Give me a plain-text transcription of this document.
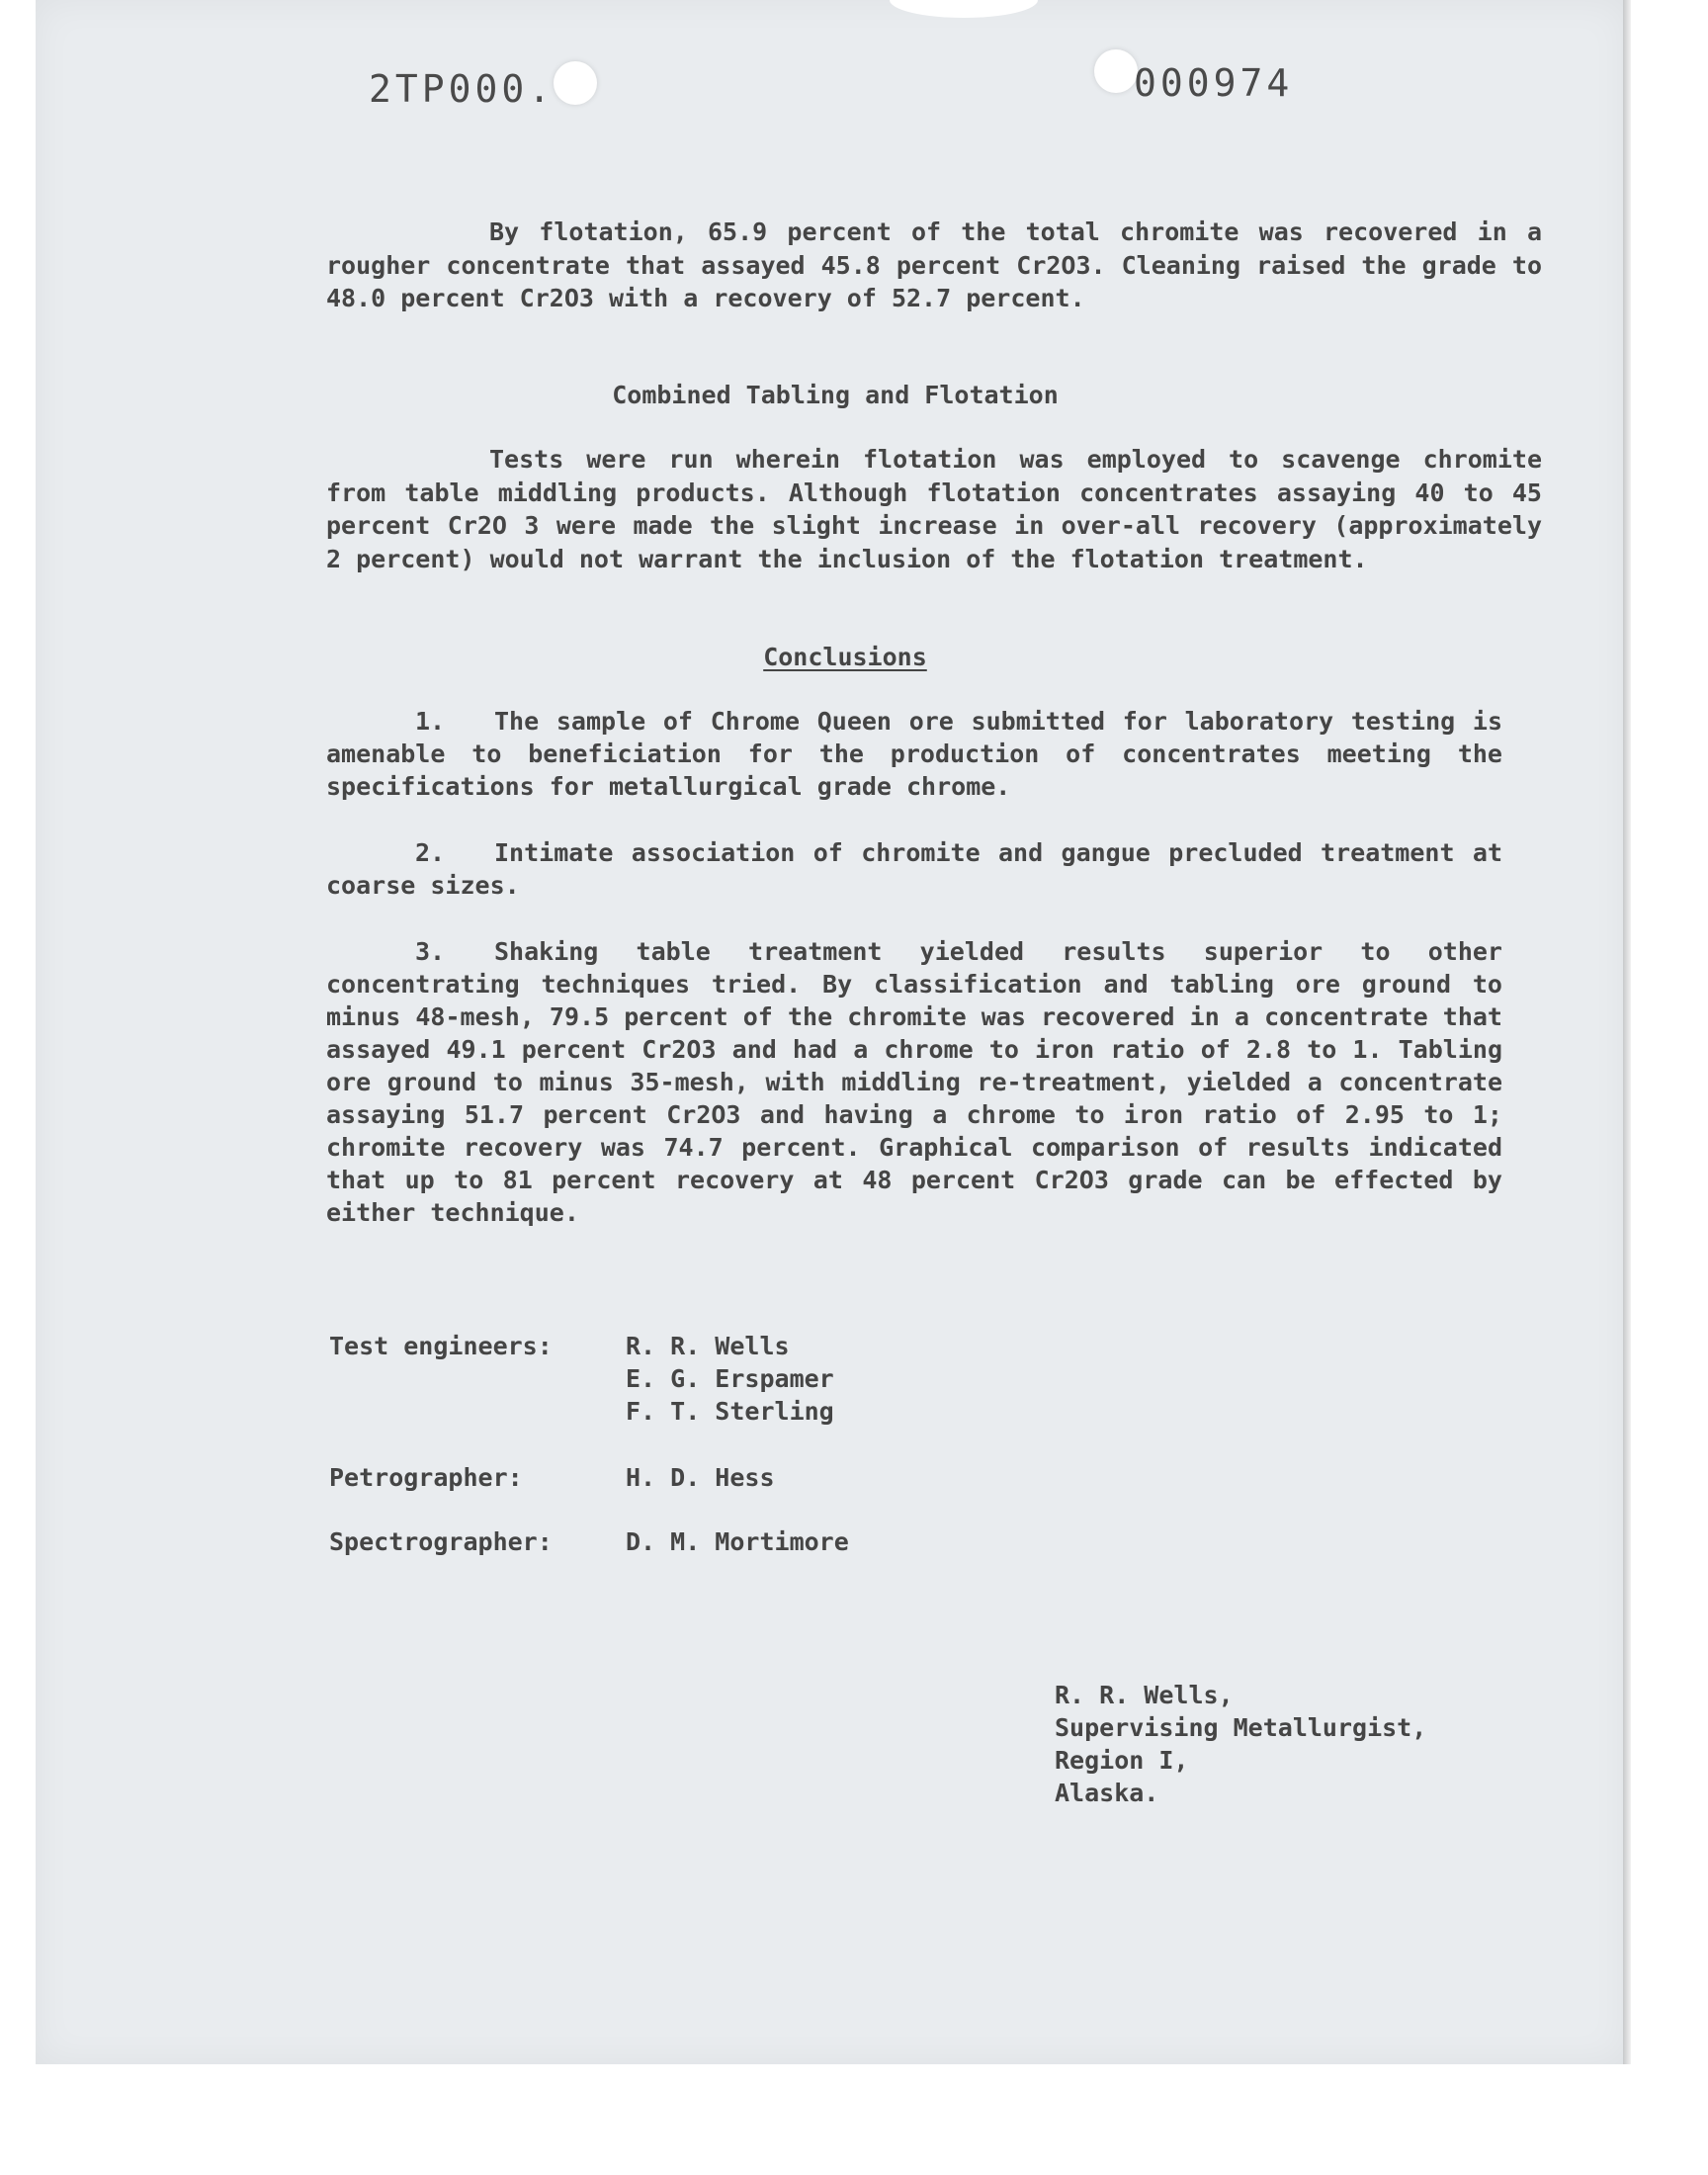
2TP000.	000974
By flotation, 65.9 percent of the total chromite was recovered in a rougher concentrate that assayed 45.8 percent Cr2O3. Cleaning raised the grade to 48.0 percent Cr2O3 with a recovery of 52.7 percent.
Combined Tabling and Flotation
Tests were run wherein flotation was employed to scavenge chromite from table middling products. Although flotation concentrates assaying 40 to 45 percent Cr2O 3 were made the slight increase in over-all recovery (approximately 2 percent) would not warrant the inclusion of the flotation treatment.
Conclusions
1. The sample of Chrome Queen ore submitted for laboratory testing is amenable to beneficiation for the production of concentrates meeting the specifications for metallurgical grade chrome.
2. Intimate association of chromite and gangue precluded treatment at coarse sizes.
3. Shaking table treatment yielded results superior to other concentrating techniques tried. By classification and tabling ore ground to minus 48-mesh, 79.5 percent of the chromite was recovered in a concentrate that assayed 49.1 percent Cr2O3 and had a chrome to iron ratio of 2.8 to 1. Tabling ore ground to minus 35-mesh, with middling re-treatment, yielded a concentrate assaying 51.7 percent Cr2O3 and having a chrome to iron ratio of 2.95 to 1; chromite recovery was 74.7 percent. Graphical comparison of results indicated that up to 81 percent recovery at 48 percent Cr2O3 grade can be effected by either technique.
Test engineers:	R. R. Wells
E. G. Erspamer
F. T. Sterling
Petrographer:	H. D. Hess
Spectrographer:	D. M. Mortimore
R. R. Wells,
Supervising Metallurgist,
Region I,
Alaska.
